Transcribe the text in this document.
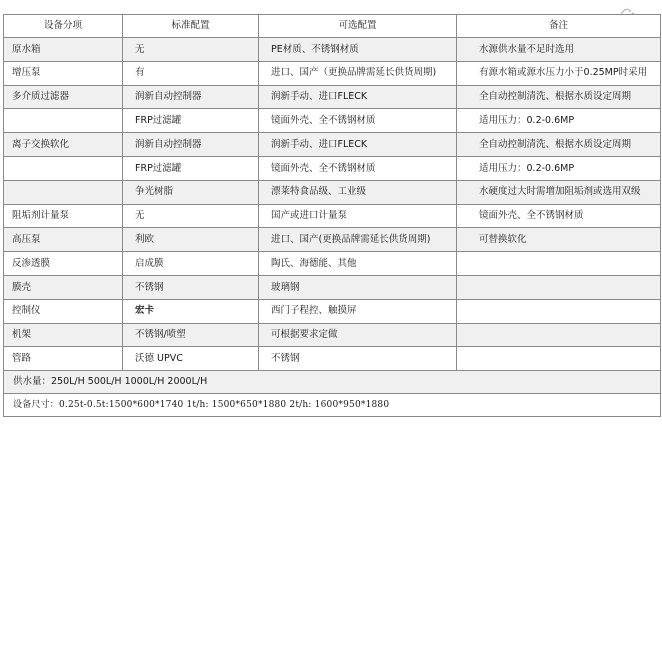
设备分项	标准配置	可选配置	备注
原水箱	无	PE材质、不锈钢材质	水源供水量不足时选用
增压泵	有	进口、国产（更换品牌需延长供货周期)	有源水箱或源水压力小于0.25MP时采用
多介质过滤器	润新自动控制器	润新手动、进口FLECK	全自动控制清洗、根据水质设定周期
	FRP过滤罐	镜面外壳、全不锈钢材质	适用压力：0.2-0.6MP
离子交换软化	润新自动控制器	润新手动、进口FLECK	全自动控制清洗、根据水质设定周期
	FRP过滤罐	镜面外壳、全不锈钢材质	适用压力：0.2-0.6MP
	争光树脂	漂莱特食品级、工业级	水硬度过大时需增加阻垢剂或选用双级
阻垢剂计量泵	无	国产或进口计量泵	镜面外壳、全不锈钢材质
高压泵	利欧	进口、国产(更换品牌需延长供货周期)	可替换软化
反渗透膜	启成膜	陶氏、海德能、其他	
膜壳	不锈钢	玻璃钢	
控制仪	宏卡	西门子程控、触摸屏	
机架	不锈钢/喷塑	可根据要求定做	
管路	沃德 UPVC	不锈钢	
供水量：250L/H 500L/H 1000L/H 2000L/H			
设备尺寸：0.25t-0.5t:1500*600*1740 1t/h: 1500*650*1880 2t/h: 1600*950*1880			
